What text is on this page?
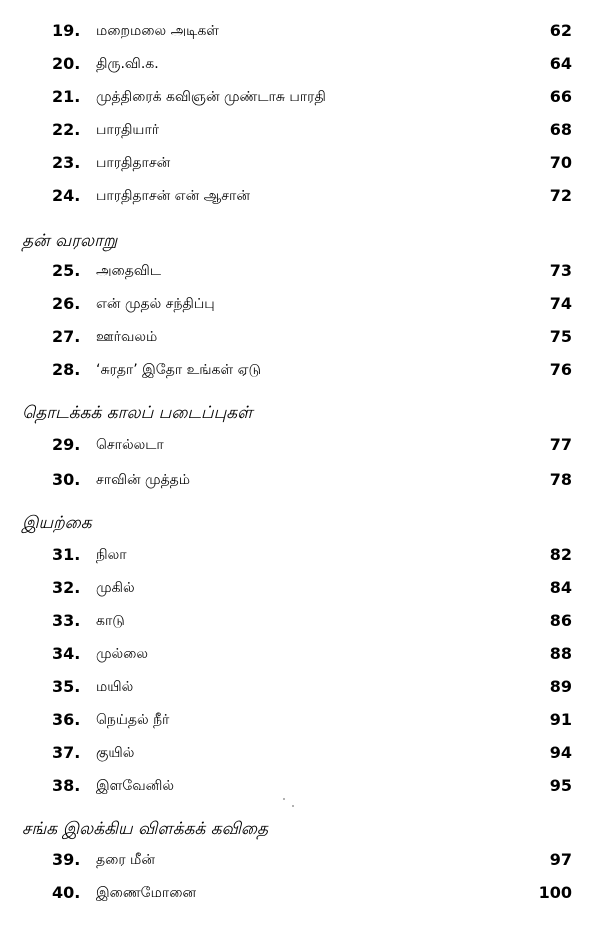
19. மறைமலை அடிகள்	62
20. திரு.வி.க.	64
21. முத்திரைக் கவிஞன் முண்டாசு பாரதி	66
22. பாரதியார்	68
23. பாரதிதாசன்	70
24. பாரதிதாசன் என் ஆசான்	72
தன் வரலாறு
25. அதைவிட	73
26. என் முதல் சந்திப்பு	74
27. ஊர்வலம்	75
28. ‘சுரதா’ இதோ உங்கள் ஏடு	76
தொடக்கக் காலப் படைப்புகள்
29. சொல்லடா	77
30. சாவின் முத்தம்	78
இயற்கை
31. நிலா	82
32. முகில்	84
33. காடு	86
34. முல்லை	88
35. மயில்	89
36. நெய்தல் நீர்	91
37. குயில்	94
38. இளவேனில்	95
சங்க இலக்கிய விளக்கக் கவிதை
39. தரை மீன்	97
40. இணைமோனை	100
